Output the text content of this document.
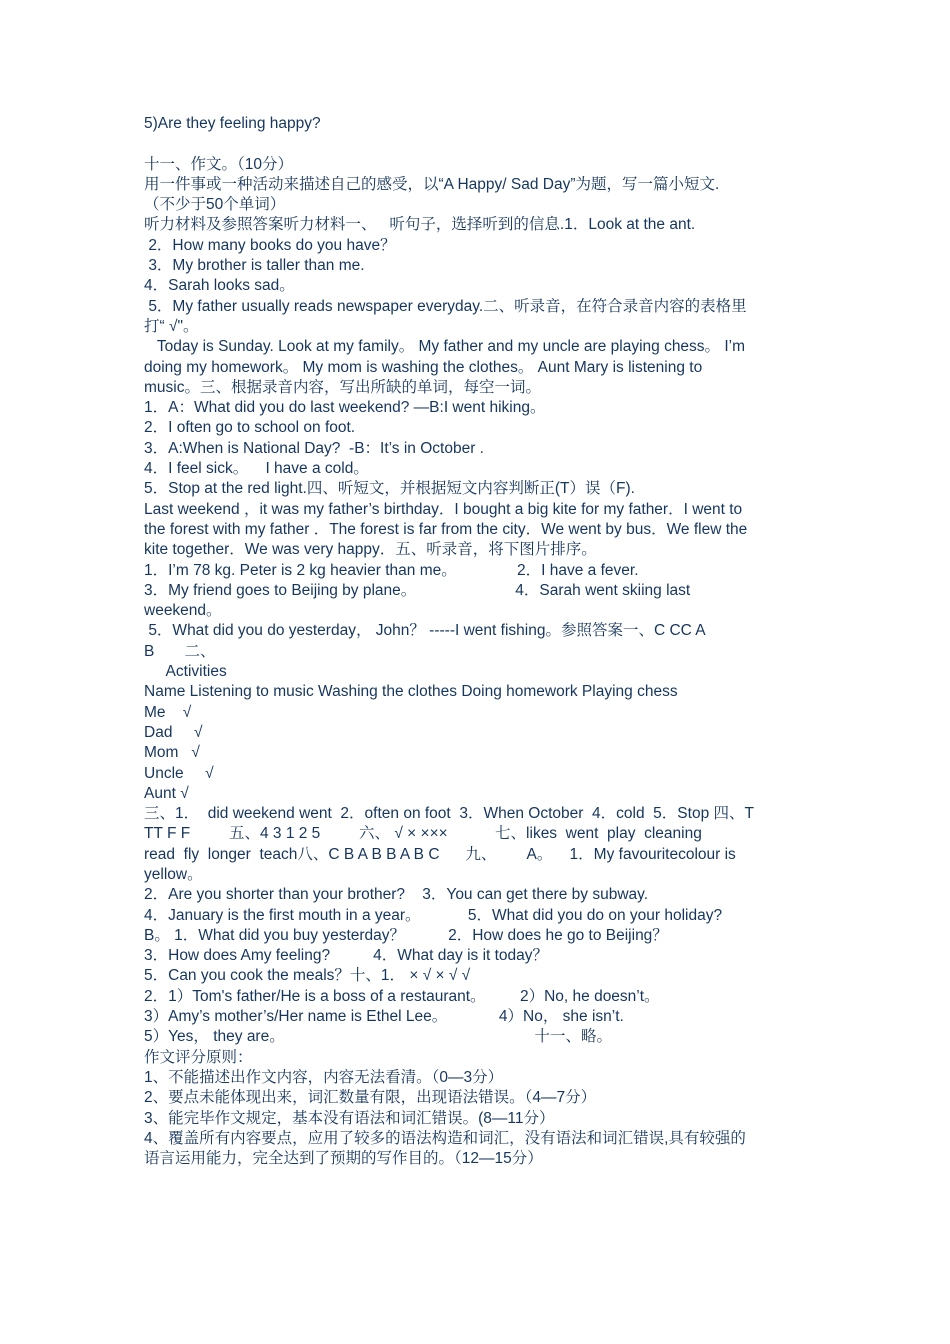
5)Are they feeling happy?
十一、作文。（10分）
用一件事或一种活动来描述自己的感受，以“A Happy/ Sad Day”为题，写一篇小短文.
（不少于50个单词）
听力材料及参照答案听力材料一、   听句子，选择听到的信息.1．Look at the ant.
2．How many books do you have？
3．My brother is taller than me.
4．Sarah looks sad。
5．My father usually reads newspaper everyday.二、听录音，在符合录音内容的表格里
打“ √"。
Today is Sunday. Look at my family。 My father and my uncle are playing chess。 I’m
doing my homework。 My mom is washing the clothes。 Aunt Mary is listening to
music。三、根据录音内容，写出所缺的单词，每空一词。
1．A：What did you do last weekend? —B:I went hiking。
2．I often go to school on foot.
3．A:When is National Day?  -B：It’s in October .
4．I feel sick。    I have a cold。
5．Stop at the red light.四、听短文，并根据短文内容判断正(T）误（F).
Last weekend ，it was my father’s birthday．I bought a big kite for my father．I went to
the forest with my father ．The forest is far from the city．We went by bus．We flew the
kite together．We was very happy．五、听录音，将下图片排序。
1．I’m 78 kg. Peter is 2 kg heavier than me。              2．I have a fever.
3．My friend goes to Beijing by plane。                       4．Sarah went skiing last
weekend。
5．What did you do yesterday， John？ -----I went fishing。参照答案一、C CC A
B       二、
Activities
Name Listening to music Washing the clothes Doing homework Playing chess
Me    √
Dad     √
Mom   √
Uncle     √
Aunt √
三、1．  did weekend went  2．often on foot  3．When October  4．cold  5．Stop 四、T
TT F F         五、4 3 1 2 5         六、 √ × ×××           七、likes  went  play  cleaning
read  fly  longer  teach八、C B A B B A B C      九、       A。    1．My favouritecolour is
yellow。
2．Are you shorter than your brother?    3．You can get there by subway.
4．January is the first mouth in a year。           5．What did you do on your holiday?
B。 1．What did you buy yesterday？          2．How does he go to Beijing？
3．How does Amy feeling?          4．What day is it today？
5．Can you cook the meals？十、1． × √ × √ √
2．1）Tom's father/He is a boss of a restaurant。        2）No, he doesn’t。
3）Amy’s mother’s/Her name is Ethel Lee。            4）No， she isn’t.
5）Yes， they are。                                                          十一、略。
作文评分原则：
1、不能描述出作文内容，内容无法看清。（0—3分）
2、要点未能体现出来，词汇数量有限，出现语法错误。（4—7分）
3、能完毕作文规定，基本没有语法和词汇错误。(8—11分）
4、覆盖所有内容要点，应用了较多的语法构造和词汇，没有语法和词汇错误,具有较强的
语言运用能力，完全达到了预期的写作目的。（12—15分）
